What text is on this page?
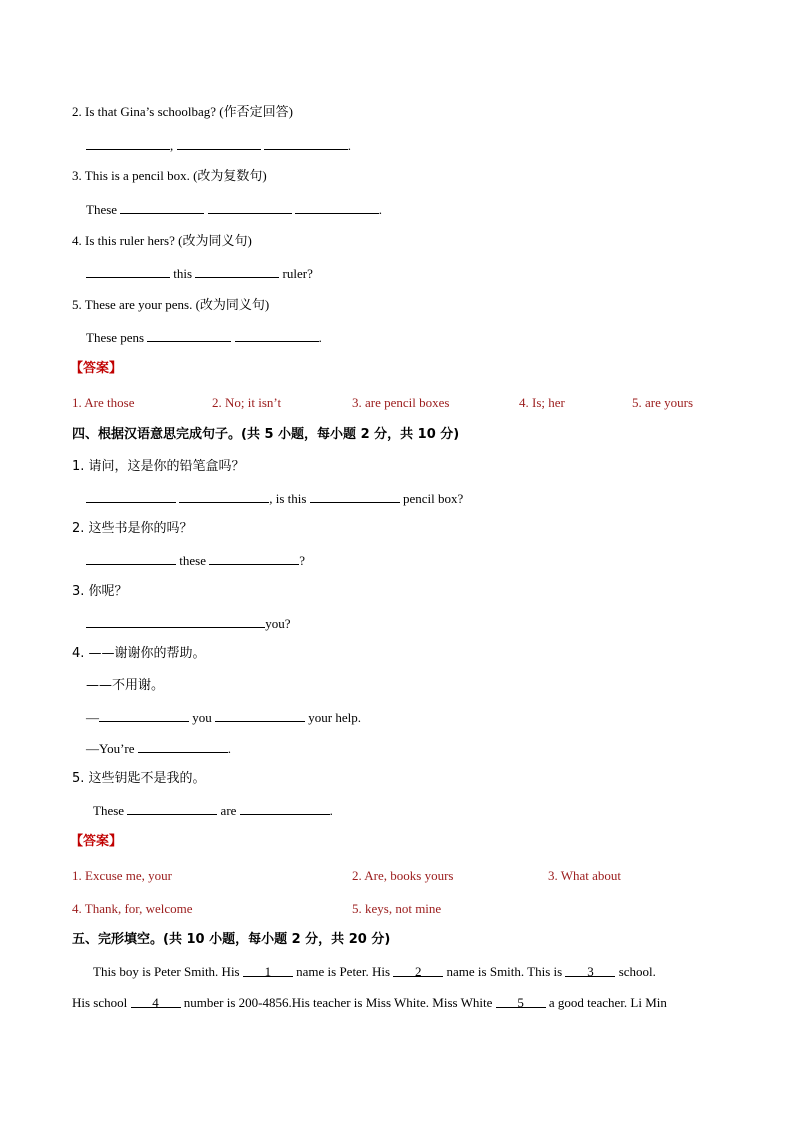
2. Is that Gina’s schoolbag? (作否定回答)
,	.
3. This is a pencil box. (改为复数句)
These	.
4. Is this ruler hers? (改为同义句)
this	ruler?
5. These are your pens. (改为同义句)
These pens	.
【答案】
1. Are those	2. No; it isn’t	3. are pencil boxes	4. Is; her	5. are yours
四、根据汉语意思完成句子。(共 5 小题，每小题 2 分，共 10 分)
1. 请问，这是你的铅笔盒吗？
, is this	pencil box?
2. 这些书是你的吗？
these	?
3. 你呢？
you?
4. ——谢谢你的帮助。
——不用谢。
—	you	your help.
—You’re	.
5. 这些钥匙不是我的。
These	are	.
【答案】
1. Excuse me, your	2. Are, books yours	3. What about
4. Thank, for, welcome	5. keys, not mine
五、完形填空。(共 10 小题，每小题 2 分，共 20 分)
This boy is Peter Smith. His 1 name is Peter. His 2 name is Smith. This is 3 school.
His school 4 number is 200-4856.His teacher is Miss White. Miss White 5 a good teacher. Li Min
